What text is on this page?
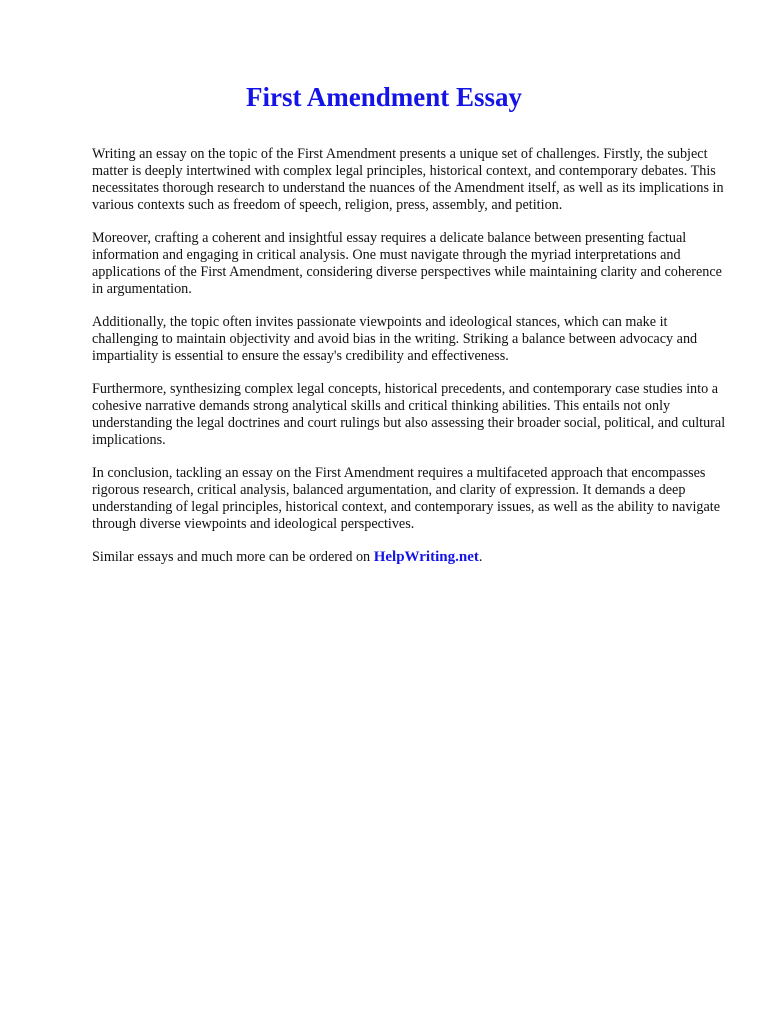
First Amendment Essay

Writing an essay on the topic of the First Amendment presents a unique set of challenges. Firstly, the subject matter is deeply intertwined with complex legal principles, historical context, and contemporary debates. This necessitates thorough research to understand the nuances of the Amendment itself, as well as its implications in various contexts such as freedom of speech, religion, press, assembly, and petition.

Moreover, crafting a coherent and insightful essay requires a delicate balance between presenting factual information and engaging in critical analysis. One must navigate through the myriad interpretations and applications of the First Amendment, considering diverse perspectives while maintaining clarity and coherence in argumentation.

Additionally, the topic often invites passionate viewpoints and ideological stances, which can make it challenging to maintain objectivity and avoid bias in the writing. Striking a balance between advocacy and impartiality is essential to ensure the essay's credibility and effectiveness.

Furthermore, synthesizing complex legal concepts, historical precedents, and contemporary case studies into a cohesive narrative demands strong analytical skills and critical thinking abilities. This entails not only understanding the legal doctrines and court rulings but also assessing their broader social, political, and cultural implications.

In conclusion, tackling an essay on the First Amendment requires a multifaceted approach that encompasses rigorous research, critical analysis, balanced argumentation, and clarity of expression. It demands a deep understanding of legal principles, historical context, and contemporary issues, as well as the ability to navigate through diverse viewpoints and ideological perspectives.

Similar essays and much more can be ordered on HelpWriting.net.
